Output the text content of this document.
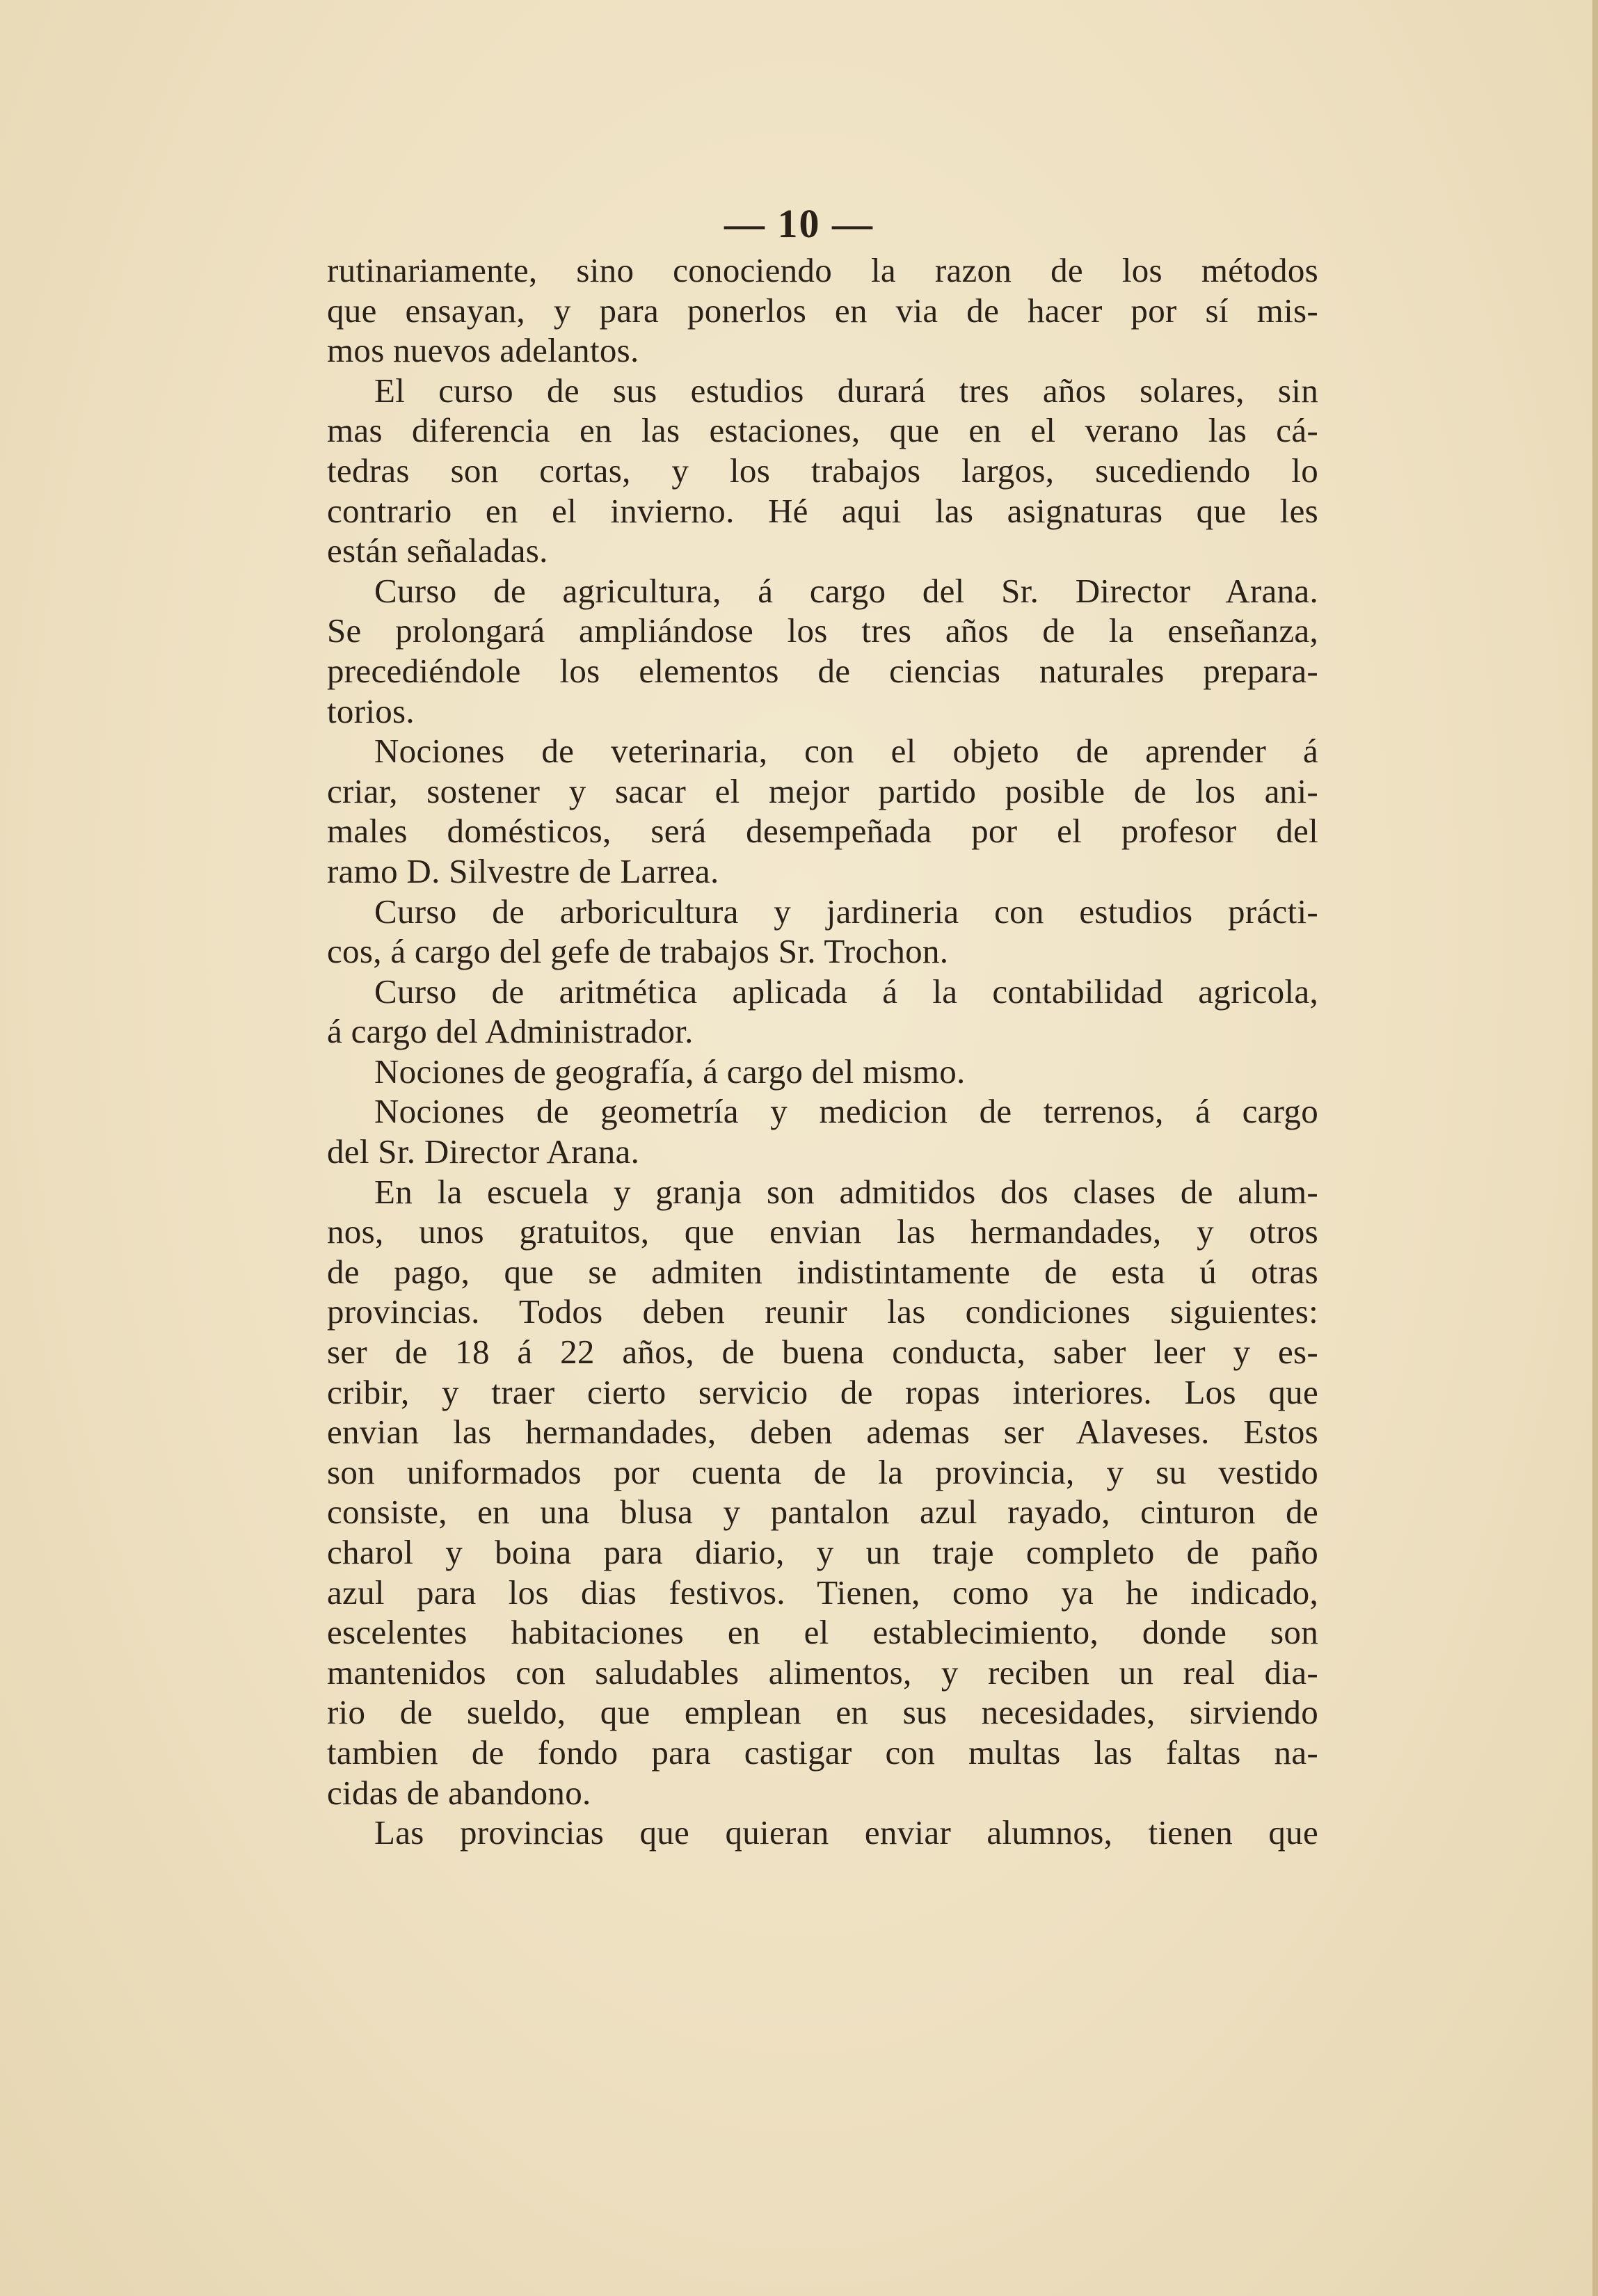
— 10 —
rutinariamente, sino conociendo la razon de los métodos
que ensayan, y para ponerlos en via de hacer por sí mis-
mos nuevos adelantos.
El curso de sus estudios durará tres años solares, sin
mas diferencia en las estaciones, que en el verano las cá-
tedras son cortas, y los trabajos largos, sucediendo lo
contrario en el invierno. Hé aqui las asignaturas que les
están señaladas.
Curso de agricultura, á cargo del Sr. Director Arana.
Se prolongará ampliándose los tres años de la enseñanza,
precediéndole los elementos de ciencias naturales prepara-
torios.
Nociones de veterinaria, con el objeto de aprender á
criar, sostener y sacar el mejor partido posible de los ani-
males domésticos, será desempeñada por el profesor del
ramo D. Silvestre de Larrea.
Curso de arboricultura y jardineria con estudios prácti-
cos, á cargo del gefe de trabajos Sr. Trochon.
Curso de aritmética aplicada á la contabilidad agricola,
á cargo del Administrador.
Nociones de geografía, á cargo del mismo.
Nociones de geometría y medicion de terrenos, á cargo
del Sr. Director Arana.
En la escuela y granja son admitidos dos clases de alum-
nos, unos gratuitos, que envian las hermandades, y otros
de pago, que se admiten indistintamente de esta ú otras
provincias. Todos deben reunir las condiciones siguientes:
ser de 18 á 22 años, de buena conducta, saber leer y es-
cribir, y traer cierto servicio de ropas interiores. Los que
envian las hermandades, deben ademas ser Alaveses. Estos
son uniformados por cuenta de la provincia, y su vestido
consiste, en una blusa y pantalon azul rayado, cinturon de
charol y boina para diario, y un traje completo de paño
azul para los dias festivos. Tienen, como ya he indicado,
escelentes habitaciones en el establecimiento, donde son
mantenidos con saludables alimentos, y reciben un real dia-
rio de sueldo, que emplean en sus necesidades, sirviendo
tambien de fondo para castigar con multas las faltas na-
cidas de abandono.
Las provincias que quieran enviar alumnos, tienen que
